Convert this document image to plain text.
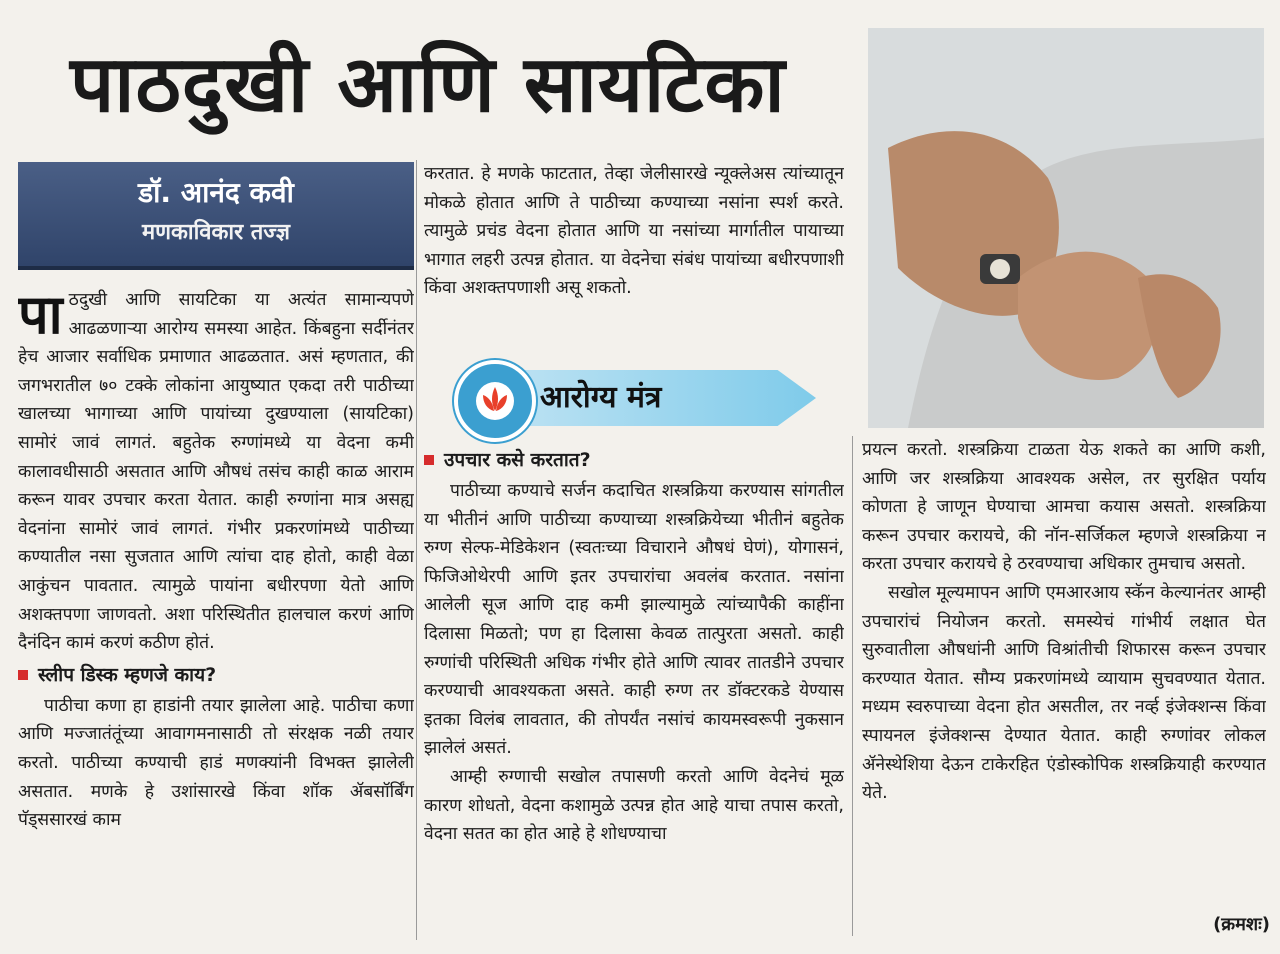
पाठदुखी आणि सायटिका
डॉ. आनंद कवी
मणकाविकार तज्ज्ञ

पाठदुखी आणि सायटिका या अत्यंत सामान्यपणे आढळणाऱ्या आरोग्य समस्या आहेत. किंबहुना सर्दीनंतर हेच आजार सर्वाधिक प्रमाणात आढळतात. असं म्हणतात, की जगभरातील ७० टक्के लोकांना आयुष्यात एकदा तरी पाठीच्या खालच्या भागाच्या आणि पायांच्या दुखण्याला (सायटिका) सामोरं जावं लागतं. बहुतेक रुग्णांमध्ये या वेदना कमी कालावधीसाठी असतात आणि औषधं तसंच काही काळ आराम करून यावर उपचार करता येतात. काही रुग्णांना मात्र असह्य वेदनांना सामोरं जावं लागतं. गंभीर प्रकरणांमध्ये पाठीच्या कण्यातील नसा सुजतात आणि त्यांचा दाह होतो, काही वेळा आकुंचन पावतात. त्यामुळे पायांना बधीरपणा येतो आणि अशक्तपणा जाणवतो. अशा परिस्थितीत हालचाल करणं आणि दैनंदिन कामं करणं कठीण होतं.

स्लीप डिस्क म्हणजे काय?

पाठीचा कणा हा हाडांनी तयार झालेला आहे. पाठीचा कणा आणि मज्जातंतूंच्या आवागमनासाठी तो संरक्षक नळी तयार करतो. पाठीच्या कण्याची हाडं मणक्यांनी विभक्त झालेली असतात. मणके हे उशांसारखे किंवा शॉक ॲबसॉर्बिंग पॅड्ससारखं काम

करतात. हे मणके फाटतात, तेव्हा जेलीसारखे न्यूक्लेअस त्यांच्यातून मोकळे होतात आणि ते पाठीच्या कण्याच्या नसांना स्पर्श करते. त्यामुळे प्रचंड वेदना होतात आणि या नसांच्या मार्गातील पायाच्या भागात लहरी उत्पन्न होतात. या वेदनेचा संबंध पायांच्या बधीरपणाशी किंवा अशक्तपणाशी असू शकतो.

उपचार कसे करतात?

पाठीच्या कण्याचे सर्जन कदाचित शस्त्रक्रिया करण्यास सांगतील या भीतीनं आणि पाठीच्या कण्याच्या शस्त्रक्रियेच्या भीतीनं बहुतेक रुग्ण सेल्फ-मेडिकेशन (स्वतःच्या विचाराने औषधं घेणं), योगासनं, फिजिओथेरपी आणि इतर उपचारांचा अवलंब करतात. नसांना आलेली सूज आणि दाह कमी झाल्यामुळे त्यांच्यापैकी काहींना दिलासा मिळतो; पण हा दिलासा केवळ तात्पुरता असतो. काही रुग्णांची परिस्थिती अधिक गंभीर होते आणि त्यावर तातडीने उपचार करण्याची आवश्यकता असते. काही रुग्ण तर डॉक्टरकडे येण्यास इतका विलंब लावतात, की तोपर्यंत नसांचं कायमस्वरूपी नुकसान झालेलं असतं.

आम्ही रुग्णाची सखोल तपासणी करतो आणि वेदनेचं मूळ कारण शोधतो, वेदना कशामुळे उत्पन्न होत आहे याचा तपास करतो, वेदना सतत का होत आहे हे शोधण्याचा

आरोग्य मंत्र

प्रयत्न करतो. शस्त्रक्रिया टाळता येऊ शकते का आणि कशी, आणि जर शस्त्रक्रिया आवश्यक असेल, तर सुरक्षित पर्याय कोणता हे जाणून घेण्याचा आमचा कयास असतो. शस्त्रक्रिया करून उपचार करायचे, की नॉन-सर्जिकल म्हणजे शस्त्रक्रिया न करता उपचार करायचे हे ठरवण्याचा अधिकार तुमचाच असतो.

सखोल मूल्यमापन आणि एमआरआय स्कॅन केल्यानंतर आम्ही उपचारांचं नियोजन करतो. समस्येचं गांभीर्य लक्षात घेत सुरुवातीला औषधांनी आणि विश्रांतीची शिफारस करून उपचार करण्यात येतात. सौम्य प्रकरणांमध्ये व्यायाम सुचवण्यात येतात. मध्यम स्वरुपाच्या वेदना होत असतील, तर नर्व्ह इंजेक्शन्स किंवा स्पायनल इंजेक्शन्स देण्यात येतात. काही रुग्णांवर लोकल ॲनेस्थेशिया देऊन टाकेरहित एंडोस्कोपिक शस्त्रक्रियाही करण्यात येते.

(क्रमशः)
